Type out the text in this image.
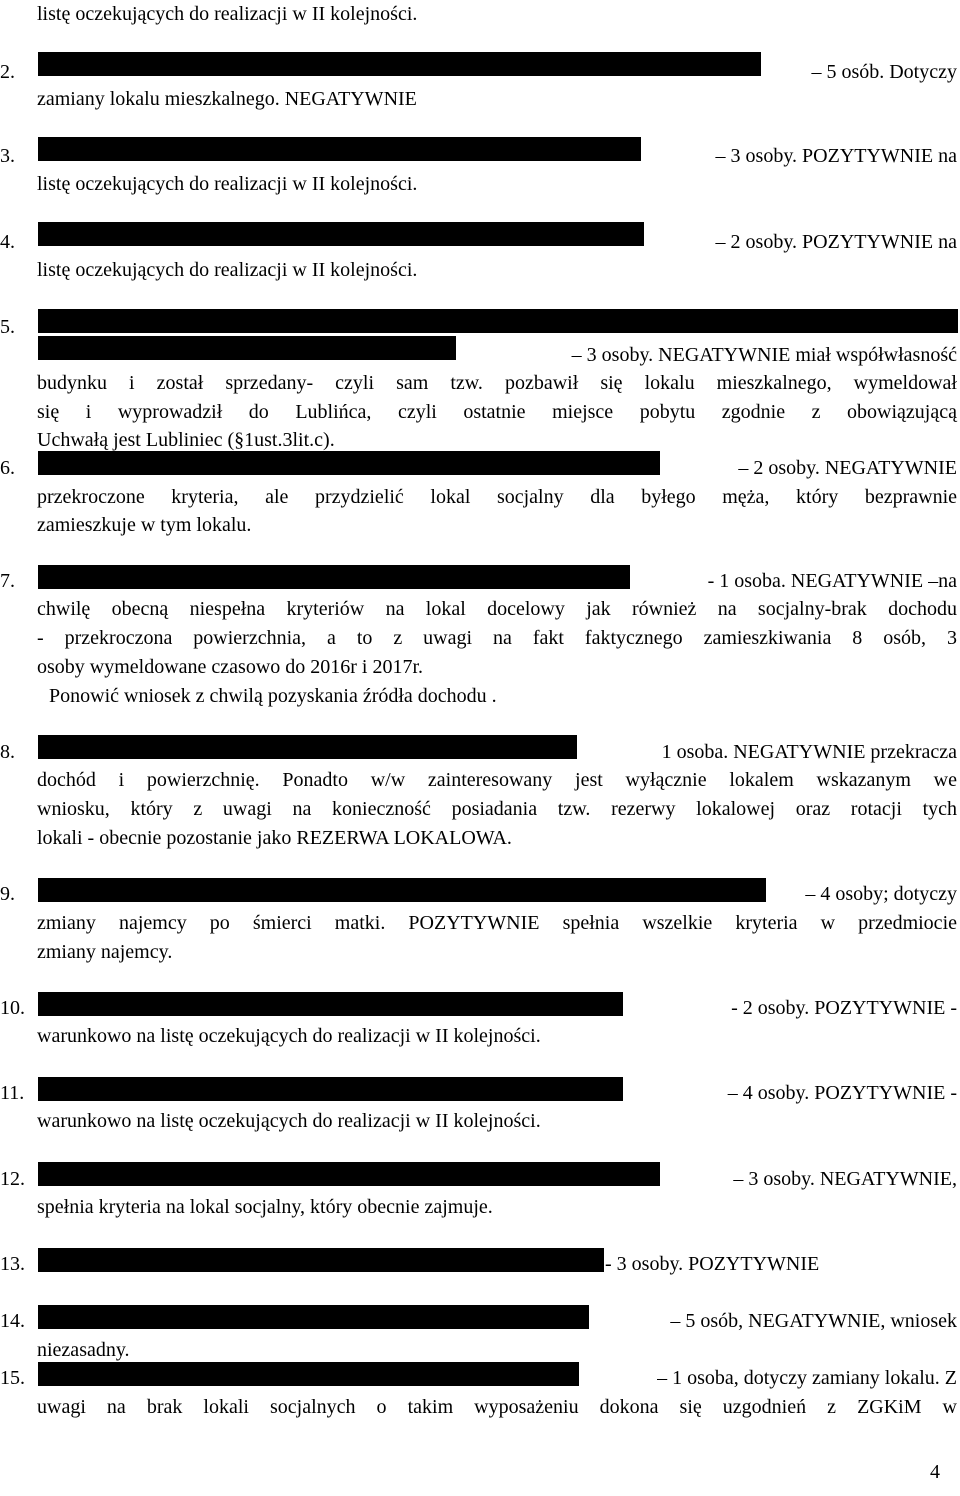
listę oczekujących do realizacji w II kolejności.
2.	– 5 osób. Dotyczy
zamiany lokalu mieszkalnego. NEGATYWNIE
3.	– 3 osoby. POZYTYWNIE na
listę oczekujących do realizacji w II kolejności.
4.	– 2 osoby. POZYTYWNIE na
listę oczekujących do realizacji w II kolejności.
5.
– 3 osoby. NEGATYWNIE miał współwłasność
budynku i został sprzedany- czyli sam tzw. pozbawił się lokalu mieszkalnego, wymeldował
się i wyprowadził do Lublińca, czyli ostatnie miejsce pobytu zgodnie z obowiązującą
Uchwałą jest Lubliniec (§1ust.3lit.c).
6.	– 2 osoby. NEGATYWNIE
przekroczone kryteria, ale przydzielić lokal socjalny dla byłego męża, który bezprawnie
zamieszkuje w tym lokalu.
7.	- 1 osoba. NEGATYWNIE –na
chwilę obecną niespełna kryteriów na lokal docelowy jak również na socjalny-brak dochodu
- przekroczona powierzchnia, a to z uwagi na fakt faktycznego zamieszkiwania 8 osób, 3
osoby wymeldowane czasowo do 2016r i 2017r.
Ponowić wniosek z chwilą pozyskania źródła dochodu .
8.	1 osoba. NEGATYWNIE przekracza
dochód i powierzchnię. Ponadto w/w zainteresowany jest wyłącznie lokalem wskazanym we
wniosku, który z uwagi na konieczność posiadania tzw. rezerwy lokalowej oraz rotacji tych
lokali - obecnie pozostanie jako REZERWA LOKALOWA.
9.	– 4 osoby; dotyczy
zmiany najemcy po śmierci matki. POZYTYWNIE spełnia wszelkie kryteria w przedmiocie
zmiany najemcy.
10.	- 2 osoby. POZYTYWNIE -
warunkowo na listę oczekujących do realizacji w II kolejności.
11.	– 4 osoby. POZYTYWNIE -
warunkowo na listę oczekujących do realizacji w II kolejności.
12.	– 3 osoby. NEGATYWNIE,
spełnia kryteria na lokal socjalny, który obecnie zajmuje.
13.	- 3 osoby. POZYTYWNIE
14.	– 5 osób, NEGATYWNIE, wniosek
niezasadny.
15.	– 1 osoba, dotyczy zamiany lokalu. Z
uwagi na brak lokali socjalnych o takim wyposażeniu dokona się uzgodnień z ZGKiM w
4
